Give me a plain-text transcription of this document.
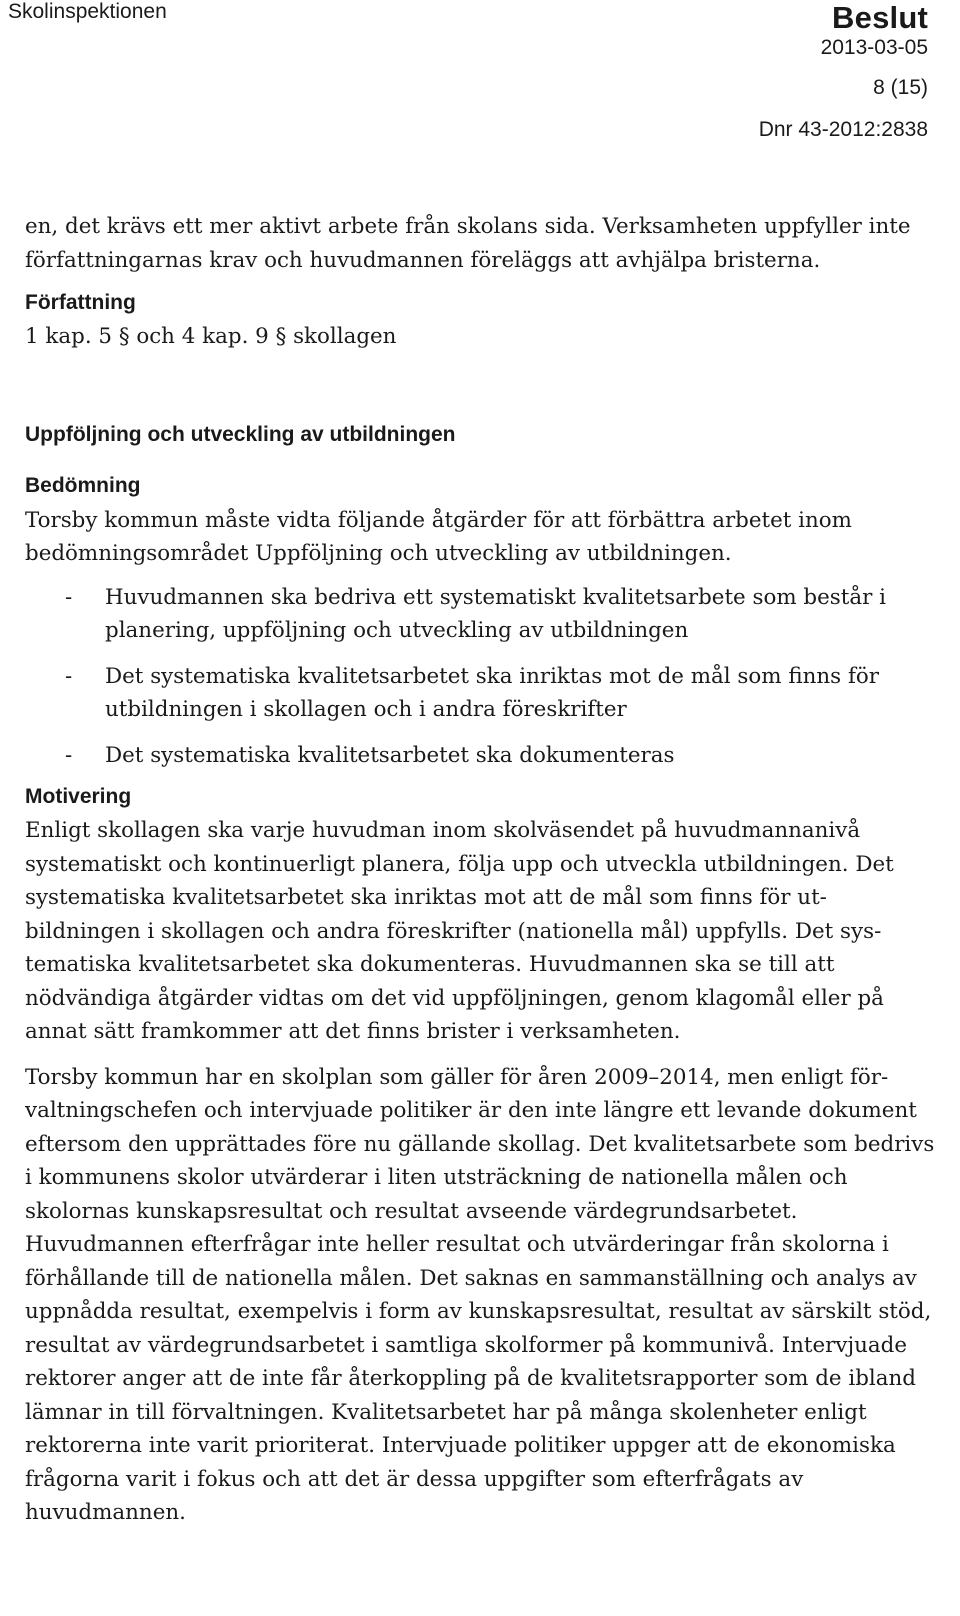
Skolinspektionen	Beslut
2013-03-05
8 (15)
Dnr 43-2012:2838

en, det krävs ett mer aktivt arbete från skolans sida. Verksamheten uppfyller inte författningarnas krav och huvudmannen föreläggs att avhjälpa bristerna.

Författning

1 kap. 5 § och 4 kap. 9 § skollagen

Uppföljning och utveckling av utbildningen

Bedömning

Torsby kommun måste vidta följande åtgärder för att förbättra arbetet inom bedömningsområdet Uppföljning och utveckling av utbildningen.

- Huvudmannen ska bedriva ett systematiskt kvalitetsarbete som består i planering, uppföljning och utveckling av utbildningen
- Det systematiska kvalitetsarbetet ska inriktas mot de mål som finns för utbildningen i skollagen och i andra föreskrifter
- Det systematiska kvalitetsarbetet ska dokumenteras

Motivering

Enligt skollagen ska varje huvudman inom skolväsendet på huvudmannanivå systematiskt och kontinuerligt planera, följa upp och utveckla utbildningen. Det systematiska kvalitetsarbetet ska inriktas mot att de mål som finns för utbildningen i skollagen och andra föreskrifter (nationella mål) uppfylls. Det systematiska kvalitetsarbetet ska dokumenteras. Huvudmannen ska se till att nödvändiga åtgärder vidtas om det vid uppföljningen, genom klagomål eller på annat sätt framkommer att det finns brister i verksamheten.

Torsby kommun har en skolplan som gäller för åren 2009–2014, men enligt förvaltningschefen och intervjuade politiker är den inte längre ett levande dokument eftersom den upprättades före nu gällande skollag. Det kvalitetsarbete som bedrivs i kommunens skolor utvärderar i liten utsträckning de nationella målen och skolornas kunskapsresultat och resultat avseende värdegrundsarbetet. Huvudmannen efterfrågar inte heller resultat och utvärderingar från skolorna i förhållande till de nationella målen. Det saknas en sammanställning och analys av uppnådda resultat, exempelvis i form av kunskapsresultat, resultat av särskilt stöd, resultat av värdegrundsarbetet i samtliga skolformer på kommunivå. Intervjuade rektorer anger att de inte får återkoppling på de kvalitetsrapporter som de ibland lämnar in till förvaltningen. Kvalitetsarbetet har på många skolenheter enligt rektorerna inte varit prioriterat. Intervjuade politiker uppger att de ekonomiska frågorna varit i fokus och att det är dessa uppgifter som efterfrågats av huvudmannen.
